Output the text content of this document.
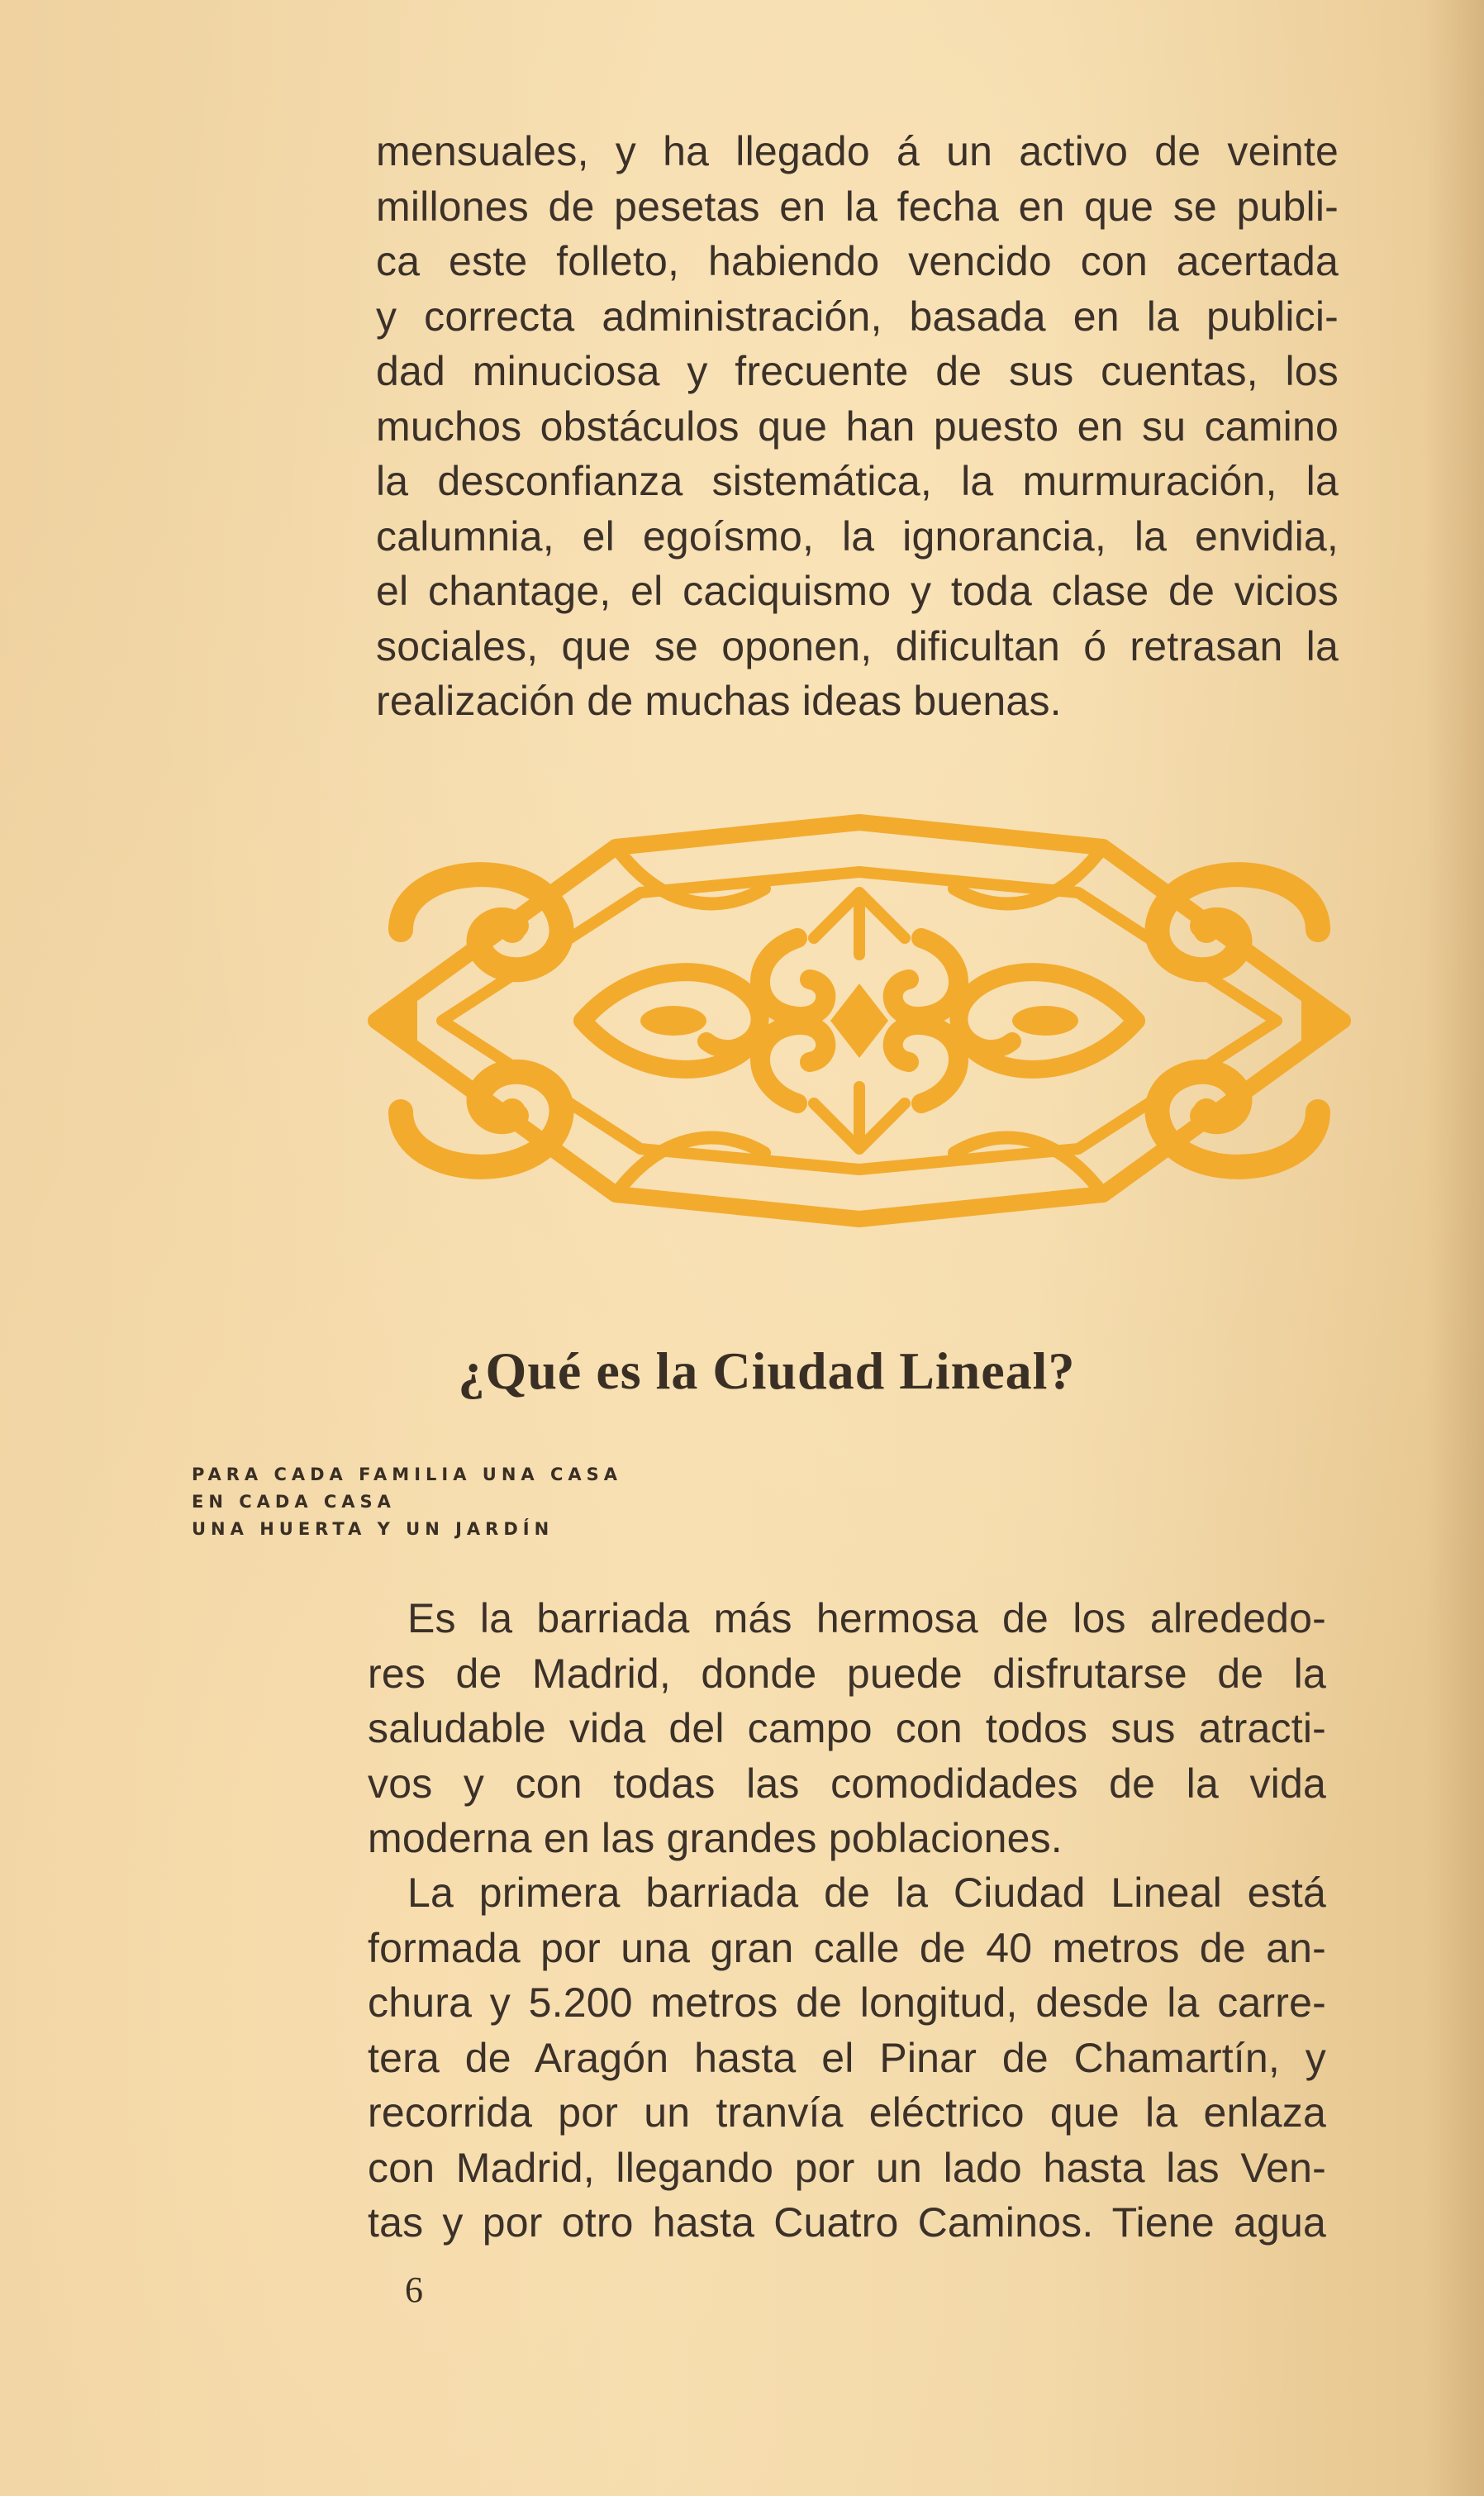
mensuales, y ha llegado á un activo de veinte
millones de pesetas en la fecha en que se publi-
ca este folleto, habiendo vencido con acertada
y correcta administración, basada en la publici-
dad minuciosa y frecuente de sus cuentas, los
muchos obstáculos que han puesto en su camino
la desconfianza sistemática, la murmuración, la
calumnia, el egoísmo, la ignorancia, la envidia,
el chantage, el caciquismo y toda clase de vicios
sociales, que se oponen, dificultan ó retrasan la
realización de muchas ideas buenas.
¿Qué es la Ciudad Lineal?
PARA CADA FAMILIA UNA CASA
EN CADA CASA
UNA HUERTA Y UN JARDÍN
Es la barriada más hermosa de los alrededo-
res de Madrid, donde puede disfrutarse de la
saludable vida del campo con todos sus atracti-
vos y con todas las comodidades de la vida
moderna en las grandes poblaciones.
La primera barriada de la Ciudad Lineal está
formada por una gran calle de 40 metros de an-
chura y 5.200 metros de longitud, desde la carre-
tera de Aragón hasta el Pinar de Chamartín, y
recorrida por un tranvía eléctrico que la enlaza
con Madrid, llegando por un lado hasta las Ven-
tas y por otro hasta Cuatro Caminos. Tiene agua
6
